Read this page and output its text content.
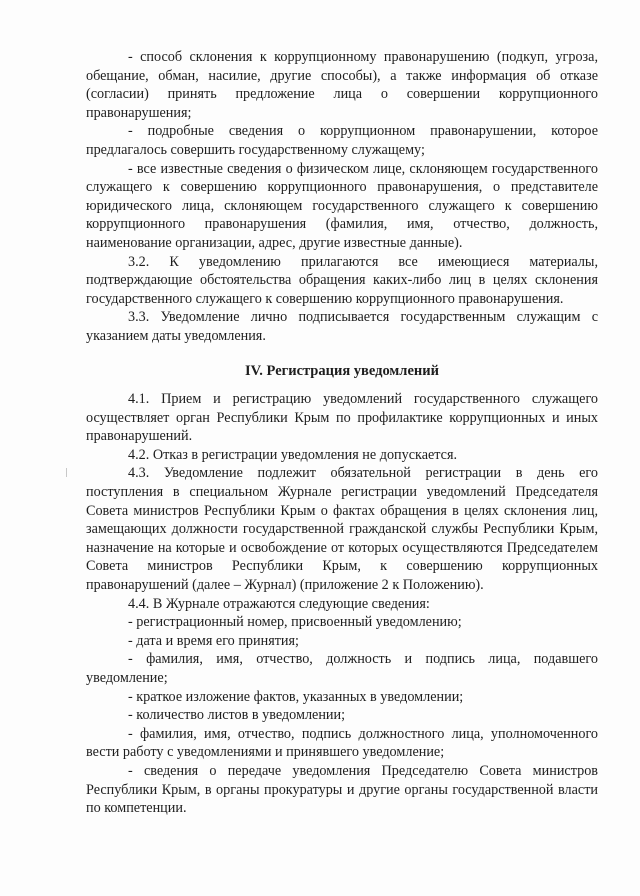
- способ склонения к коррупционному правонарушению (подкуп, угроза, обещание, обман, насилие, другие способы), а также информация об отказе (согласии) принять предложение лица о совершении коррупционного правонарушения;

- подробные сведения о коррупционном правонарушении, которое предлагалось совершить государственному служащему;

- все известные сведения о физическом лице, склоняющем государственного служащего к совершению коррупционного правонарушения, о представителе юридического лица, склоняющем государственного служащего к совершению коррупционного правонарушения (фамилия, имя, отчество, должность, наименование организации, адрес, другие известные данные).

3.2. К уведомлению прилагаются все имеющиеся материалы, подтверждающие обстоятельства обращения каких-либо лиц в целях склонения государственного служащего к совершению коррупционного правонарушения.

3.3. Уведомление лично подписывается государственным служащим с указанием даты уведомления.

IV. Регистрация уведомлений

4.1. Прием и регистрацию уведомлений государственного служащего осуществляет орган Республики Крым по профилактике коррупционных и иных правонарушений.

4.2. Отказ в регистрации уведомления не допускается.

4.3. Уведомление подлежит обязательной регистрации в день его поступления в специальном Журнале регистрации уведомлений Председателя Совета министров Республики Крым о фактах обращения в целях склонения лиц, замещающих должности государственной гражданской службы Республики Крым, назначение на которые и освобождение от которых осуществляются Председателем Совета министров Республики Крым, к совершению коррупционных правонарушений (далее – Журнал) (приложение 2 к Положению).

4.4. В Журнале отражаются следующие сведения:

- регистрационный номер, присвоенный уведомлению;

- дата и время его принятия;

- фамилия, имя, отчество, должность и подпись лица, подавшего уведомление;

- краткое изложение фактов, указанных в уведомлении;

- количество листов в уведомлении;

- фамилия, имя, отчество, подпись должностного лица, уполномоченного вести работу с уведомлениями и принявшего уведомление;

- сведения о передаче уведомления Председателю Совета министров Республики Крым, в органы прокуратуры и другие органы государственной власти по компетенции.
